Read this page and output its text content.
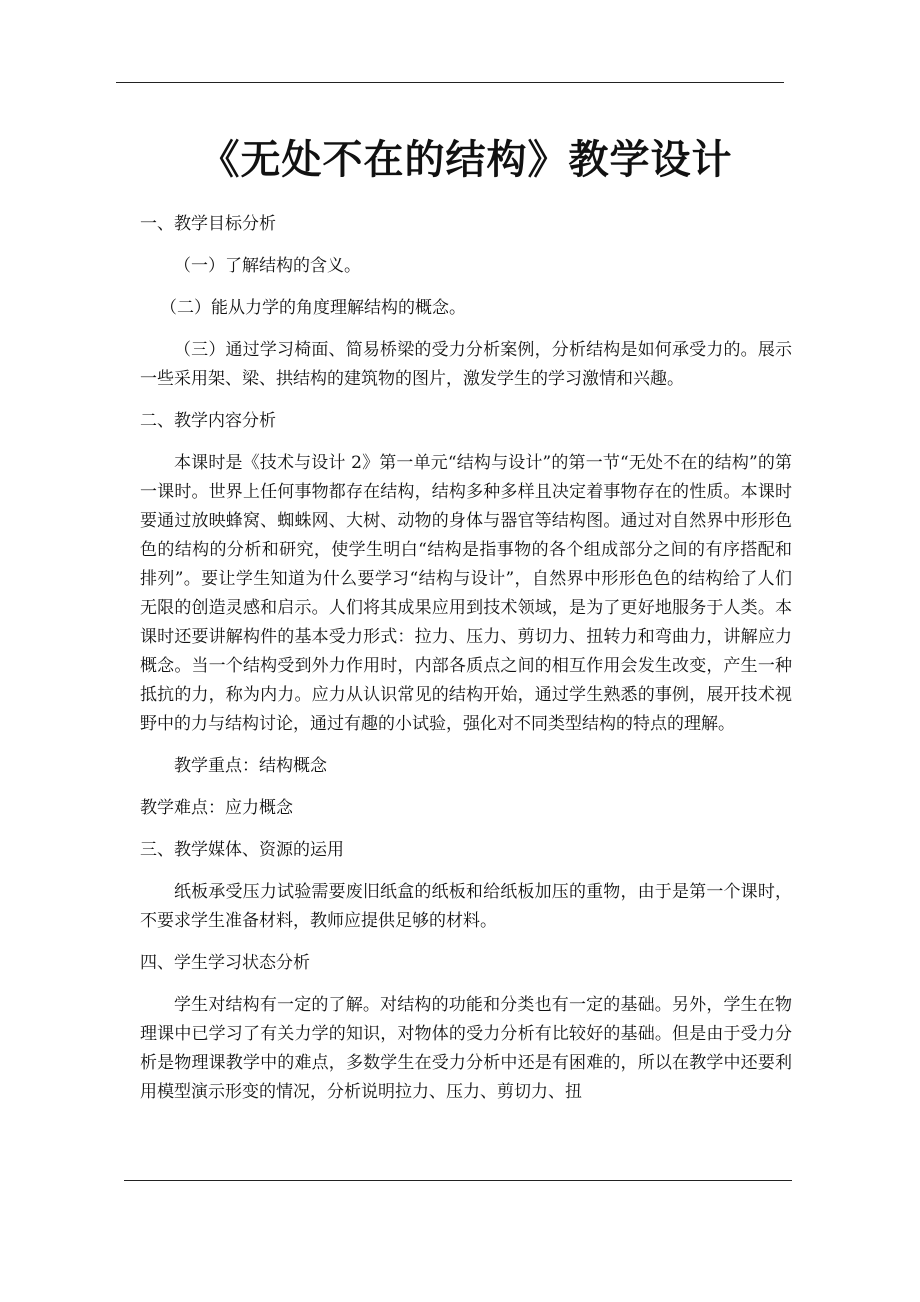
《无处不在的结构》教学设计

一、教学目标分析

（一）了解结构的含义。

（二）能从力学的角度理解结构的概念。

（三）通过学习椅面、简易桥梁的受力分析案例，分析结构是如何承受力的。展示一些采用架、梁、拱结构的建筑物的图片，激发学生的学习激情和兴趣。

二、教学内容分析

本课时是《技术与设计 2》第一单元“结构与设计”的第一节“无处不在的结构”的第一课时。世界上任何事物都存在结构，结构多种多样且决定着事物存在的性质。本课时要通过放映蜂窝、蜘蛛网、大树、动物的身体与器官等结构图。通过对自然界中形形色色的结构的分析和研究，使学生明白“结构是指事物的各个组成部分之间的有序搭配和排列”。要让学生知道为什么要学习“结构与设计”，自然界中形形色色的结构给了人们无限的创造灵感和启示。人们将其成果应用到技术领域，是为了更好地服务于人类。本课时还要讲解构件的基本受力形式：拉力、压力、剪切力、扭转力和弯曲力，讲解应力概念。当一个结构受到外力作用时，内部各质点之间的相互作用会发生改变，产生一种抵抗的力，称为内力。应力从认识常见的结构开始，通过学生熟悉的事例，展开技术视野中的力与结构讨论，通过有趣的小试验，强化对不同类型结构的特点的理解。

教学重点：结构概念

教学难点：应力概念

三、教学媒体、资源的运用

纸板承受压力试验需要废旧纸盒的纸板和给纸板加压的重物，由于是第一个课时，不要求学生准备材料，教师应提供足够的材料。

四、学生学习状态分析

学生对结构有一定的了解。对结构的功能和分类也有一定的基础。另外，学生在物理课中已学习了有关力学的知识，对物体的受力分析有比较好的基础。但是由于受力分析是物理课教学中的难点，多数学生在受力分析中还是有困难的，所以在教学中还要利用模型演示形变的情况，分析说明拉力、压力、剪切力、扭
